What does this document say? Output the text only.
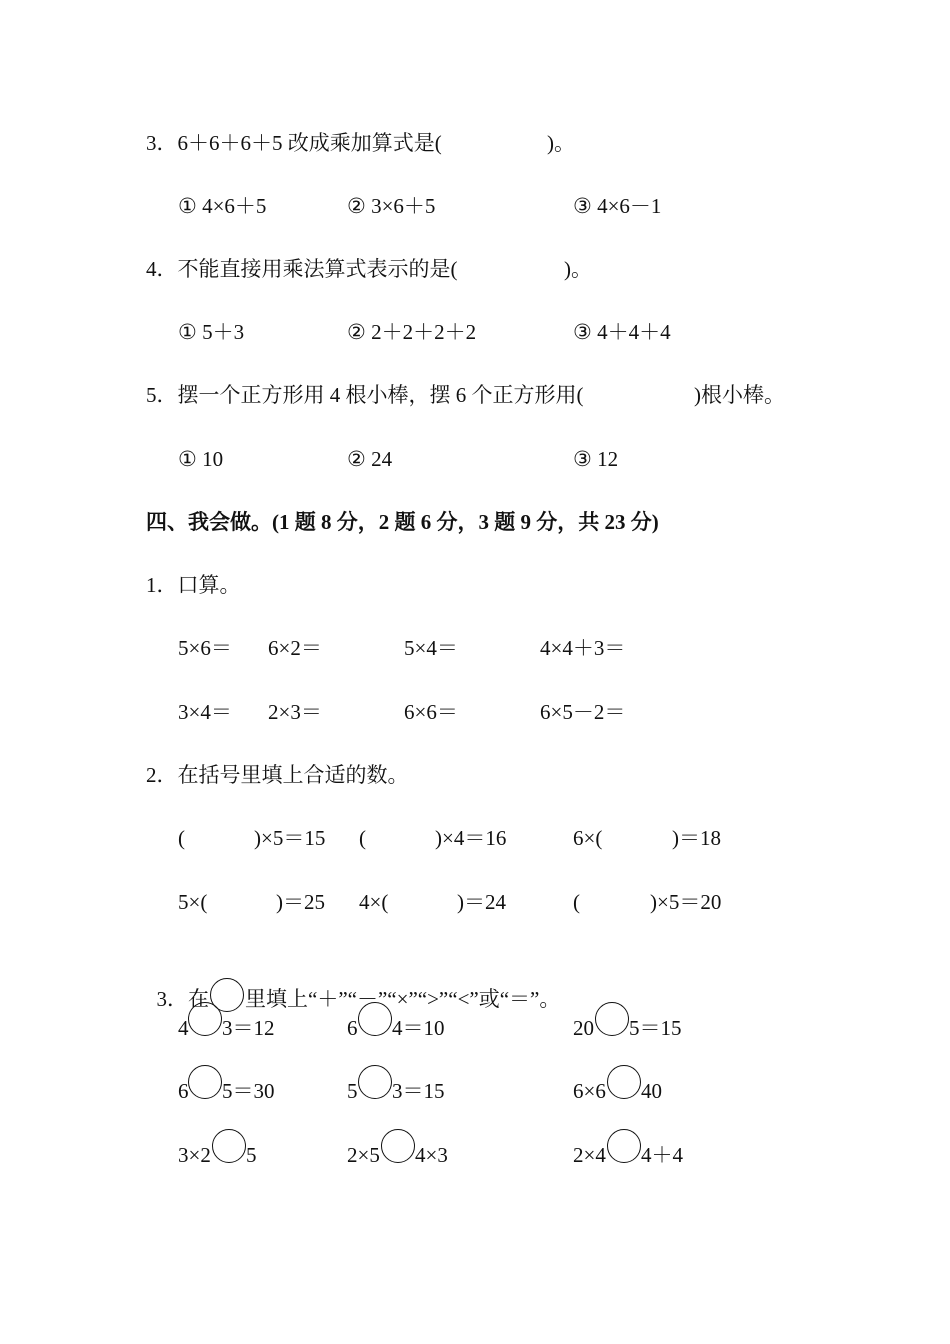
3．6＋6＋6＋5 改成乘加算式是(	)。
① 4×6＋5	② 3×6＋5	③ 4×6－1
4．不能直接用乘法算式表示的是(	)。
① 5＋3	② 2＋2＋2＋2	③ 4＋4＋4
5．摆一个正方形用 4 根小棒，摆 6 个正方形用(	)根小棒。
① 10	② 24	③ 12
四、我会做。(1 题 8 分，2 题 6 分，3 题 9 分，共 23 分)
1．口算。
5×6＝ 6×2＝	5×4＝	4×4＋3＝
3×4＝ 2×3＝	6×6＝	6×5－2＝
2．在括号里填上合适的数。
(	)×5＝15 (	)×4＝16	6×(	)＝18
5×(	)＝25 4×(	)＝24	(	)×5＝20

3．在 里填上“＋”“－”“×”“>”“<”或“＝”。

4 3＝12	6 4＝10	20 5＝15
6 5＝30	5 3＝15	6×6 40
3×2 5	2×5 4×3	2×4 4＋4
